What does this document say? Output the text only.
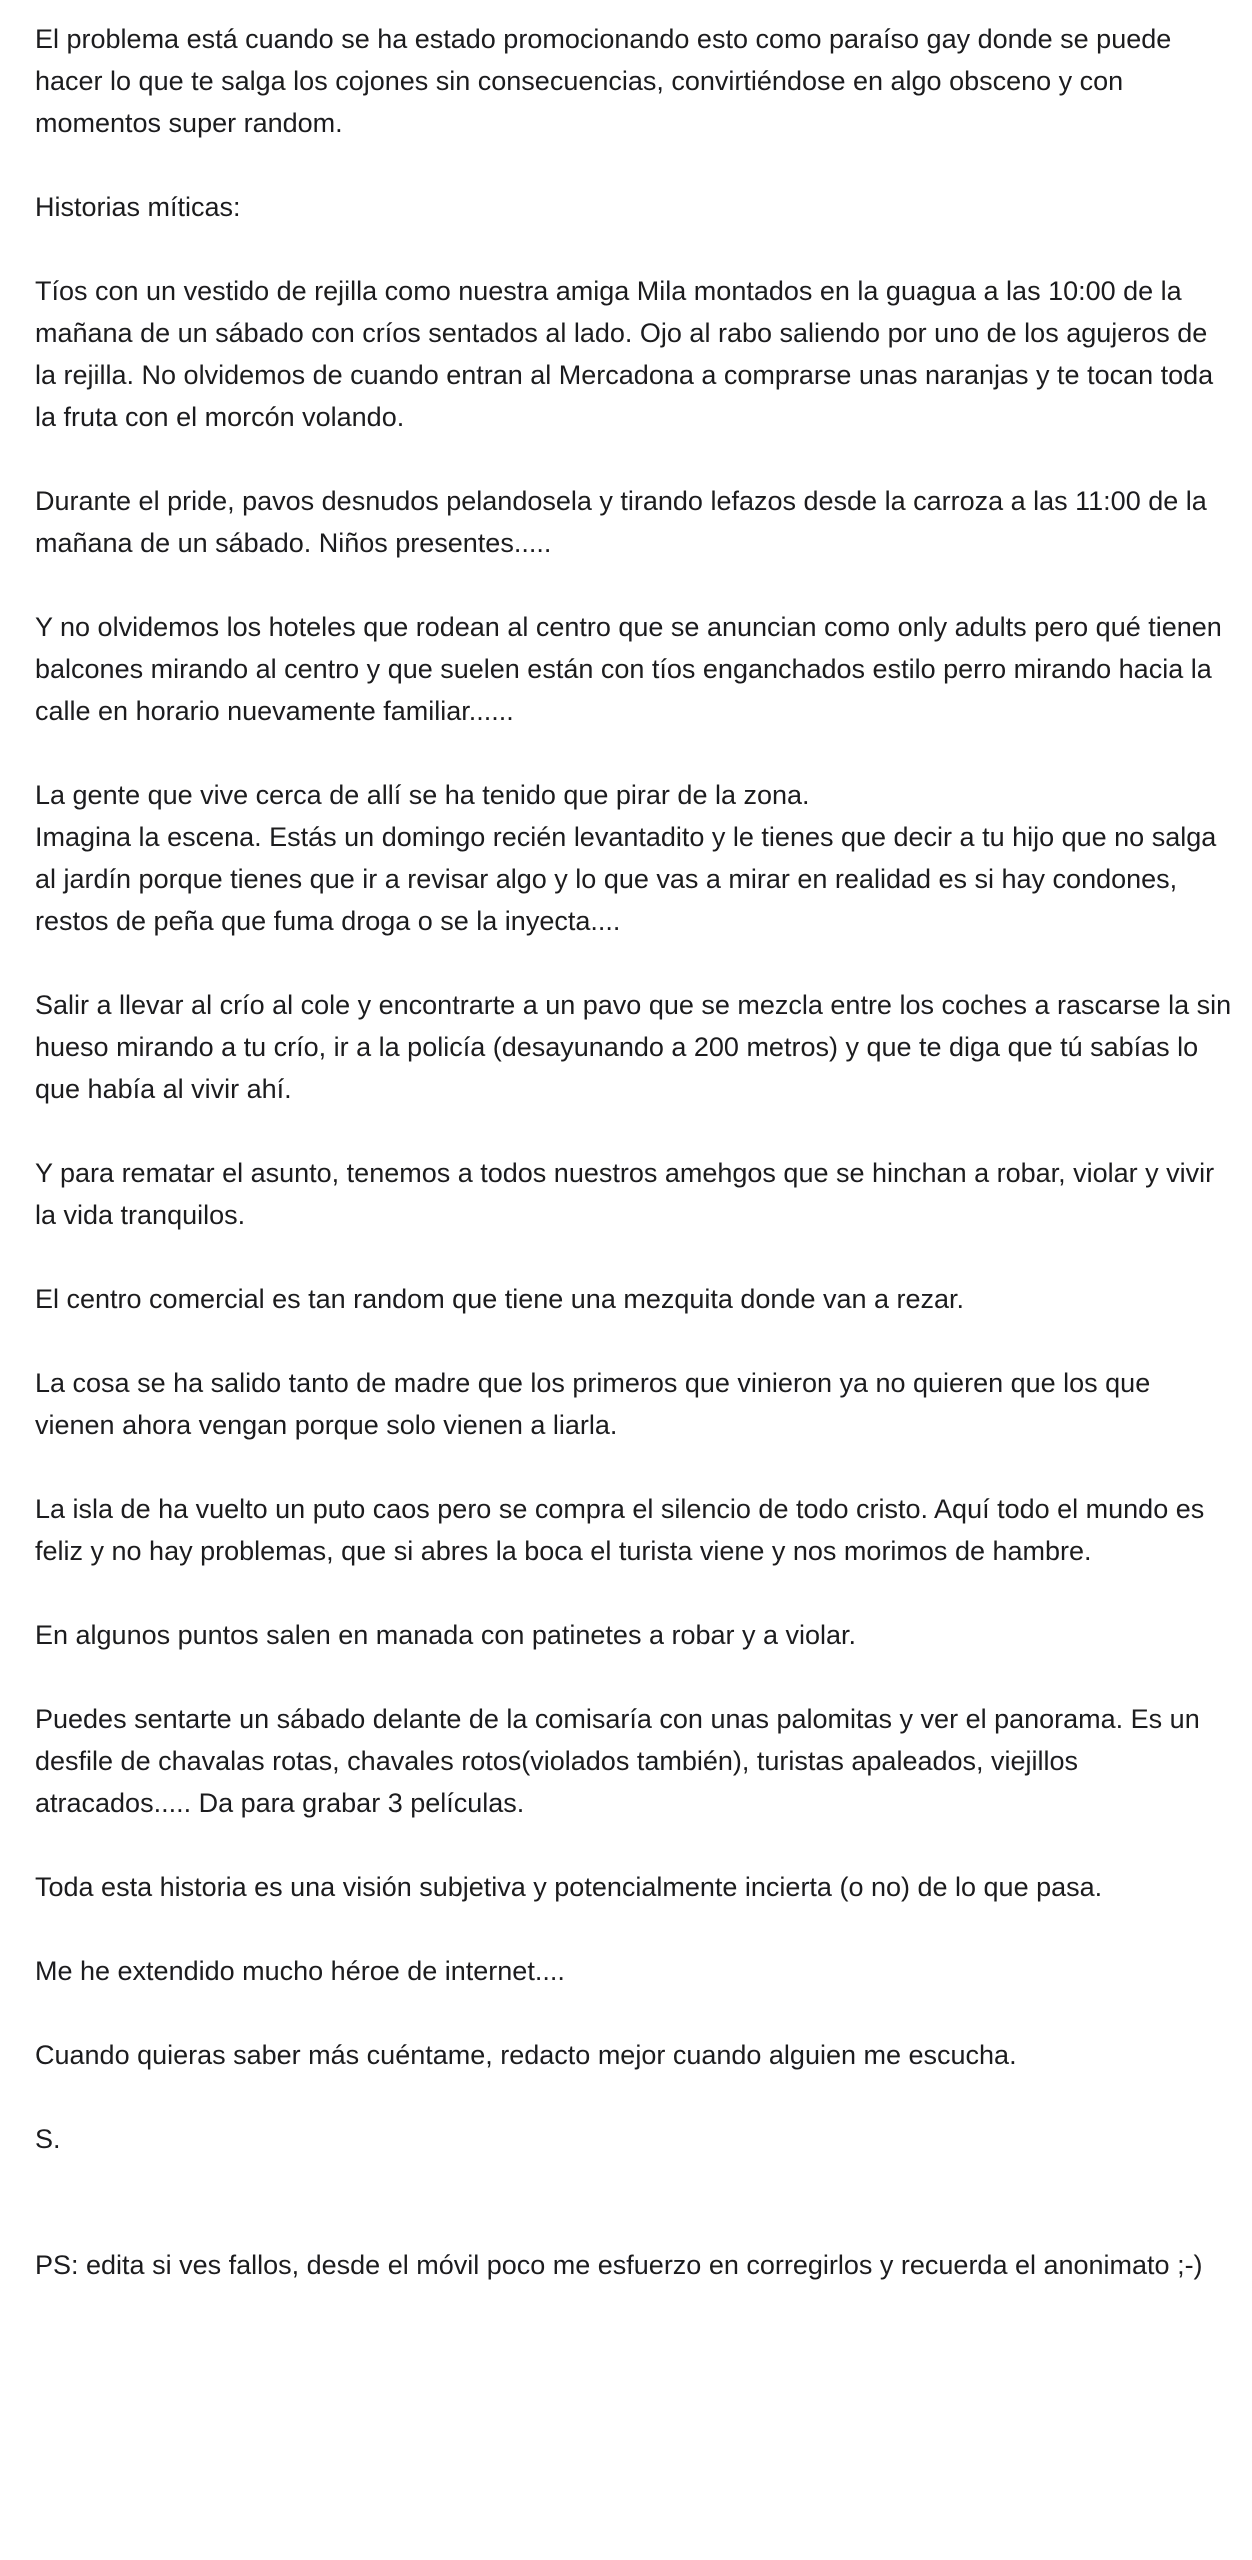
El problema está cuando se ha estado promocionando esto como paraíso gay donde se puede hacer lo que te salga los cojones sin consecuencias, convirtiéndose en algo obsceno y con momentos super random.

Historias míticas:

Tíos con un vestido de rejilla como nuestra amiga Mila montados en la guagua a las 10:00 de la mañana de un sábado con críos sentados al lado. Ojo al rabo saliendo por uno de los agujeros de la rejilla. No olvidemos de cuando entran al Mercadona a comprarse unas naranjas y te tocan toda la fruta con el morcón volando.

Durante el pride, pavos desnudos pelandosela y tirando lefazos desde la carroza a las 11:00 de la mañana de un sábado. Niños presentes.....

Y no olvidemos los hoteles que rodean al centro que se anuncian como only adults pero qué tienen balcones mirando al centro y que suelen están con tíos enganchados estilo perro mirando hacia la calle en horario nuevamente familiar......

La gente que vive cerca de allí se ha tenido que pirar de la zona.
Imagina la escena. Estás un domingo recién levantadito y le tienes que decir a tu hijo que no salga al jardín porque tienes que ir a revisar algo y lo que vas a mirar en realidad es si hay condones, restos de peña que fuma droga o se la inyecta....

Salir a llevar al crío al cole y encontrarte a un pavo que se mezcla entre los coches a rascarse la sin hueso mirando a tu crío, ir a la policía (desayunando a 200 metros) y que te diga que tú sabías lo que había al vivir ahí.

Y para rematar el asunto, tenemos a todos nuestros amehgos que se hinchan a robar, violar y vivir la vida tranquilos.

El centro comercial es tan random que tiene una mezquita donde van a rezar.

La cosa se ha salido tanto de madre que los primeros que vinieron ya no quieren que los que vienen ahora vengan porque solo vienen a liarla.

La isla de ha vuelto un puto caos pero se compra el silencio de todo cristo. Aquí todo el mundo es feliz y no hay problemas, que si abres la boca el turista viene y nos morimos de hambre.

En algunos puntos salen en manada con patinetes a robar y a violar.

Puedes sentarte un sábado delante de la comisaría con unas palomitas y ver el panorama. Es un desfile de chavalas rotas, chavales rotos(violados también), turistas apaleados, viejillos atracados..... Da para grabar 3 películas.

Toda esta historia es una visión subjetiva y potencialmente incierta (o no) de lo que pasa.

Me he extendido mucho héroe de internet....

Cuando quieras saber más cuéntame, redacto mejor cuando alguien me escucha.

S.

PS: edita si ves fallos, desde el móvil poco me esfuerzo en corregirlos y recuerda el anonimato ;-)
